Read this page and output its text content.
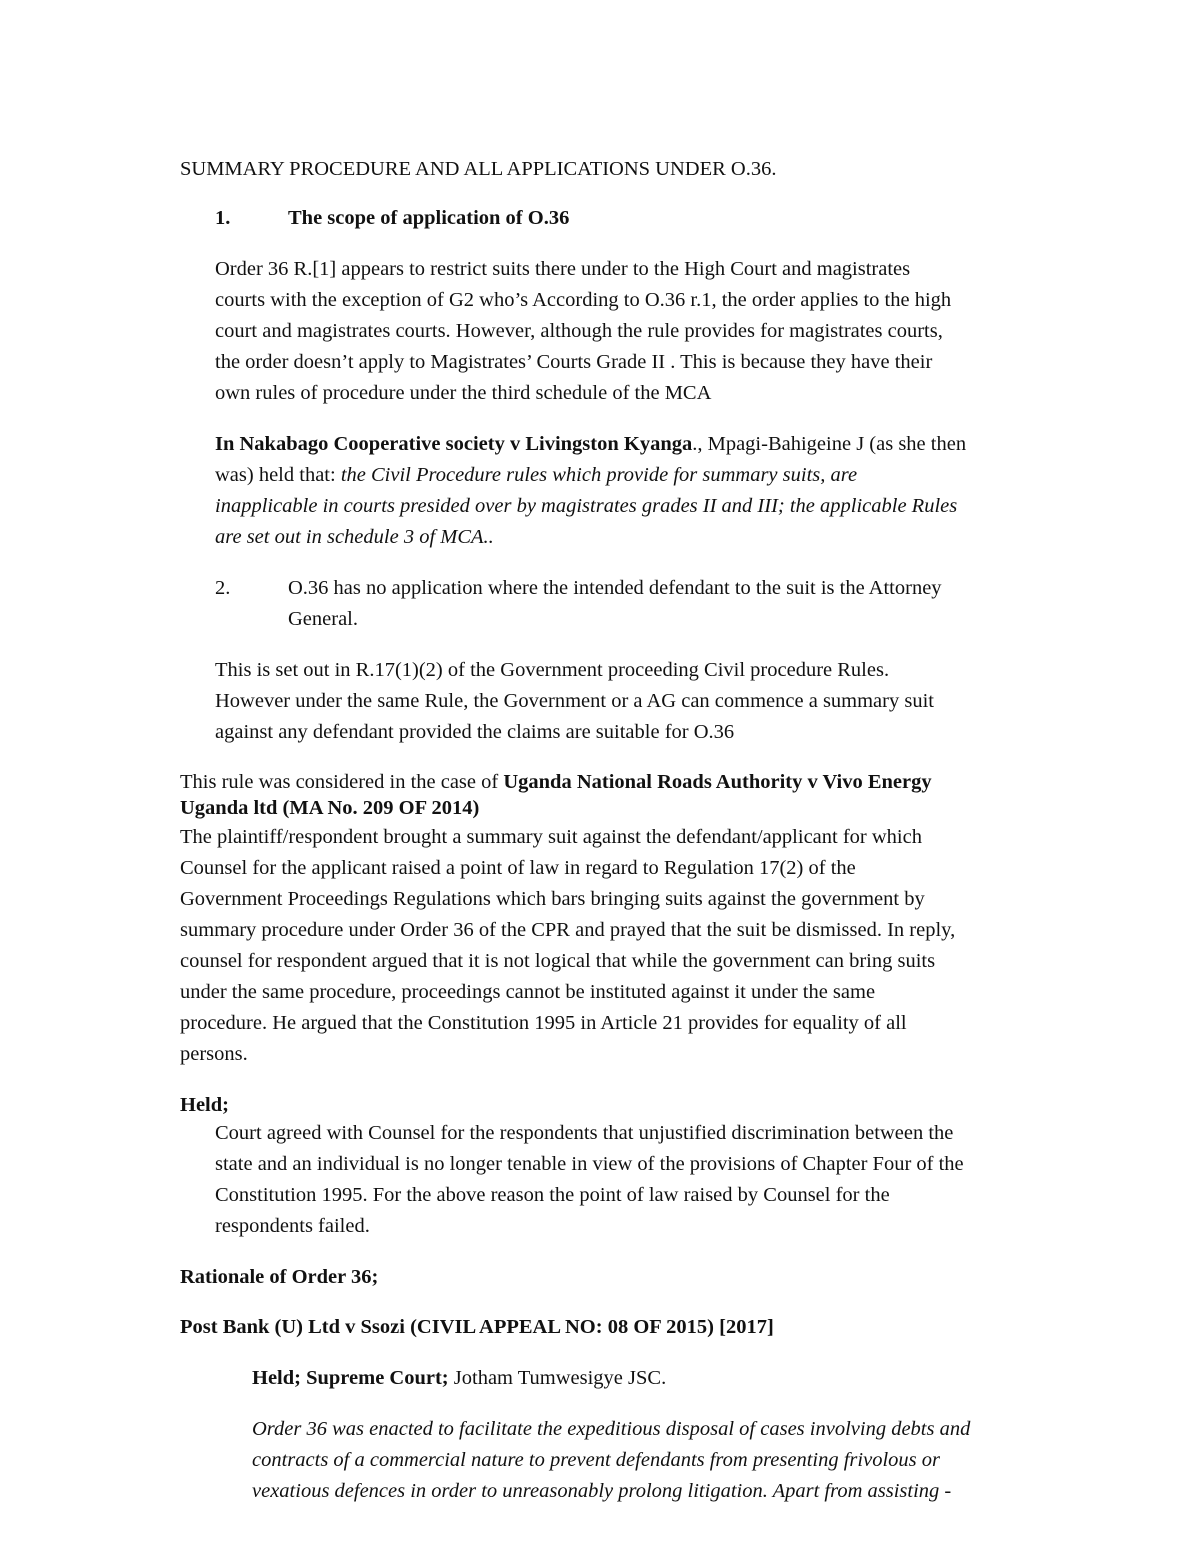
SUMMARY PROCEDURE AND ALL APPLICATIONS UNDER O.36.
1.	The scope of application of O.36
Order 36 R.[1] appears to restrict suits there under to the High Court and magistrates
courts with the exception of G2 who’s According to O.36 r.1, the order applies to the high
court and magistrates courts. However, although the rule provides for magistrates courts,
the order doesn’t apply to Magistrates’ Courts Grade II . This is because they have their
own rules of procedure under the third schedule of the MCA
In Nakabago Cooperative society v Livingston Kyanga., Mpagi-Bahigeine J (as she then
was) held that: the Civil Procedure rules which provide for summary suits, are
inapplicable in courts presided over by magistrates grades II and III; the applicable Rules
are set out in schedule 3 of MCA..
2.	O.36 has no application where the intended defendant to the suit is the Attorney
General.
This is set out in R.17(1)(2) of the Government proceeding Civil procedure Rules.
However under the same Rule, the Government or a AG can commence a summary suit
against any defendant provided the claims are suitable for O.36
This rule was considered in the case of Uganda National Roads Authority v Vivo Energy
Uganda ltd (MA No. 209 OF 2014)
The plaintiff/respondent brought a summary suit against the defendant/applicant for which
Counsel for the applicant raised a point of law in regard to Regulation 17(2) of the
Government Proceedings Regulations which bars bringing suits against the government by
summary procedure under Order 36 of the CPR and prayed that the suit be dismissed. In reply,
counsel for respondent argued that it is not logical that while the government can bring suits
under the same procedure, proceedings cannot be instituted against it under the same
procedure. He argued that the Constitution 1995 in Article 21 provides for equality of all
persons.
Held;
Court agreed with Counsel for the respondents that unjustified discrimination between the
state and an individual is no longer tenable in view of the provisions of Chapter Four of the
Constitution 1995. For the above reason the point of law raised by Counsel for the
respondents failed.
Rationale of Order 36;
Post Bank (U) Ltd v Ssozi (CIVIL APPEAL NO: 08 OF 2015) [2017]
Held; Supreme Court; Jotham Tumwesigye JSC.
Order 36 was enacted to facilitate the expeditious disposal of cases involving debts and
contracts of a commercial nature to prevent defendants from presenting frivolous or
vexatious defences in order to unreasonably prolong litigation. Apart from assisting -
